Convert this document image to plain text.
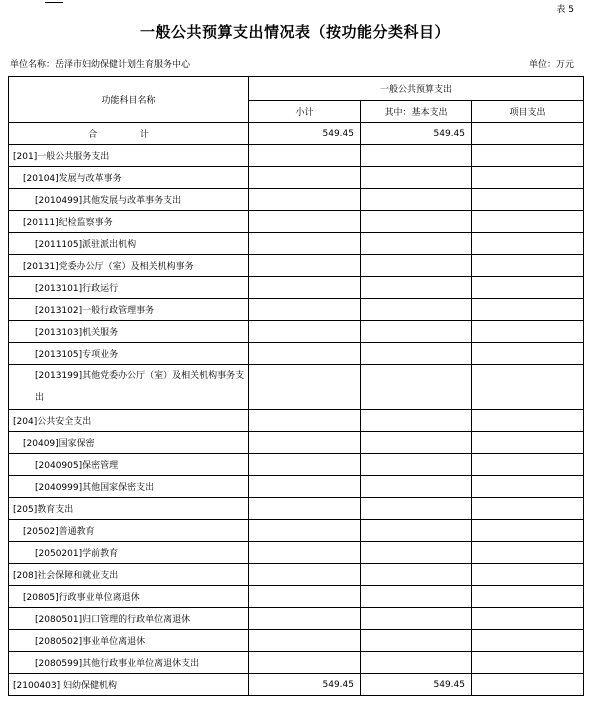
表 5
一般公共预算支出情况表（按功能分类科目）
单位名称：岳泽市妇幼保健计划生育服务中心	单位：万元
功能科目名称	一般公共预算支出		
	小计	其中：基本支出	项目支出
合 计	549.45	549.45	
[201]一般公共服务支出			
[20104]发展与改革事务			
[2010499]其他发展与改革事务支出			
[20111]纪检监察事务			
[2011105]派驻派出机构			
[20131]党委办公厅（室）及相关机构事务			
[2013101]行政运行			
[2013102]一般行政管理事务			
[2013103]机关服务			
[2013105]专项业务			
[2013199]其他党委办公厅（室）及相关机构事务支出			
[204]公共安全支出			
[20409]国家保密			
[2040905]保密管理			
[2040999]其他国家保密支出			
[205]教育支出			
[20502]普通教育			
[2050201]学前教育			
[208]社会保障和就业支出			
[20805]行政事业单位离退休			
[2080501]归口管理的行政单位离退休			
[2080502]事业单位离退休			
[2080599]其他行政事业单位离退休支出			
[2100403] 妇幼保健机构	549.45	549.45	
